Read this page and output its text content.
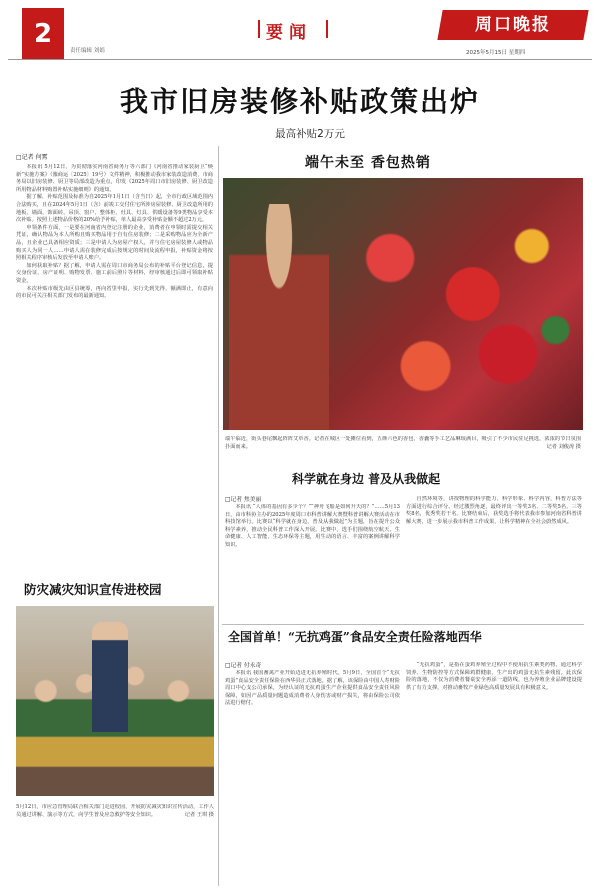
2
责任编辑 刘娟
要闻	周口晚报
2025年5月15日 星期四
我市旧房装修补贴政策出炉
最高补贴2万元
□记者 何霄

本报讯 5月12日，为贯彻落实河南省商务厅等六部门《河南省推动家装厨卫“焕新”实施方案》（豫商运〔2025〕19号）文件精神，积极推动我市家装改造消费，市商务局以旧房装修、厨卫等局部改造为重点，印发《2025年周口市旧房装修、厨卫改造所用物品材料购置补贴实施细则》的通知。

据了解，补贴范围及标准为自2025年1月1日（含当日）起，全市行政区域范围内合法购买，且在2024年5月1日（含）前竣工交付住宅所涉房屋装修、厨卫改造所用的地板、墙面、饰面砖、吊顶、窗户、整体柜、灶具、灯具、供暖设备等9类物品享受本次补贴。按照上述物品价格的20%给予补贴，单人最高享受补贴金额不超过2万元。

申领条件方面，一是要在河南省内登记注册的企业，消费者在申领时需提交相关凭证，确认物品为本人所购且购买物品用于自有住房装修；二是采购物品应为全新产品，且企业已具备相应资质；三是申请人为房屋产权人，并与住宅房屋装修人或物品购买人为同一人……申请人需在装修完成后按规定的时间及流程申报，补贴资金将按照相关程序审核后发放至申请人账户。

如何获取补贴？据了解，申请人需在周口市商务局公布的补贴平台登记信息，提交身份证、房产证明、购物发票、施工前后照片等材料，经审核通过后即可领取补贴资金。

本次补贴市级先由区县统筹，再向省里申报，实行先到先得、额满即止，有意向的市民可关注相关部门发布的最新通知。

端午未至 香包热销
端午临近，街头巷尾飘起阵阵艾草香。记者在城区一处摊位看到，五颜六色的香包、香囊等手工艺品琳琅满目，吸引了不少市民驻足挑选，浓浓的节日氛围扑面而来。	记者 刘俊涛 摄
科学就在身边 普及从我做起
□记者 焦美丽

本报讯 “人体的基因有多少个？”“神舟飞船是如何升天的？”……5月13日，由市科协主办的2025年度周口市科普讲解大赛暨科普讲解大赛活动在市科技馆举行。比赛以“科学就在身边，普及从我做起”为主题，旨在提升公众科学素养，推动全民科普工作深入开展。比赛中，选手们围绕航空航天、生命健康、人工智能、生态环保等主题，用生动的语言、丰富的案例讲解科学知识。

自然环境等，讲授物理的科学能力、科学形象、科学内容，科普方法等方面进行综合评分。经过激烈角逐，最终评出一等奖3名、二等奖5名、三等奖8名，优秀奖若干名。比赛结束后，获奖选手将代表我市参加河南省科普讲解大赛，进一步展示我市科普工作成果，让科学精神在全社会蔚然成风。

全国首单！“无抗鸡蛋”食品安全责任险落地西华
□记者 付永奇

本报讯 我国畜禽产业开始迈进无抗养殖时代。5月9日，全国首个“无抗鸡蛋”食品安全责任保险在西华县正式落地。据了解，该保险由中国人寿财险周口中心支公司承保，为经认证的无抗鸡蛋生产企业提供食品安全责任风险保障，如因产品质量问题造成消费者人身伤害或财产损失，将由保险公司依法进行赔付。

“无抗鸡蛋”，是指在蛋鸡养殖全过程中不使用抗生素类药物，通过科学饲养、生物防控等方式保障鸡群健康，生产出的鸡蛋无抗生素残留。此次保险的落地，不仅为消费者餐桌安全再添一道防线，也为养殖企业品牌建设提供了有力支撑，对推动畜牧产业绿色高质量发展具有积极意义。

防灾减灾知识宣传进校园
5月12日，市应急管理局联合相关部门走进校园，开展防灾减灾知识宣传活动，工作人员通过讲解、演示等方式，向学生普及应急救护等安全知识。	记者 王琪 摄
